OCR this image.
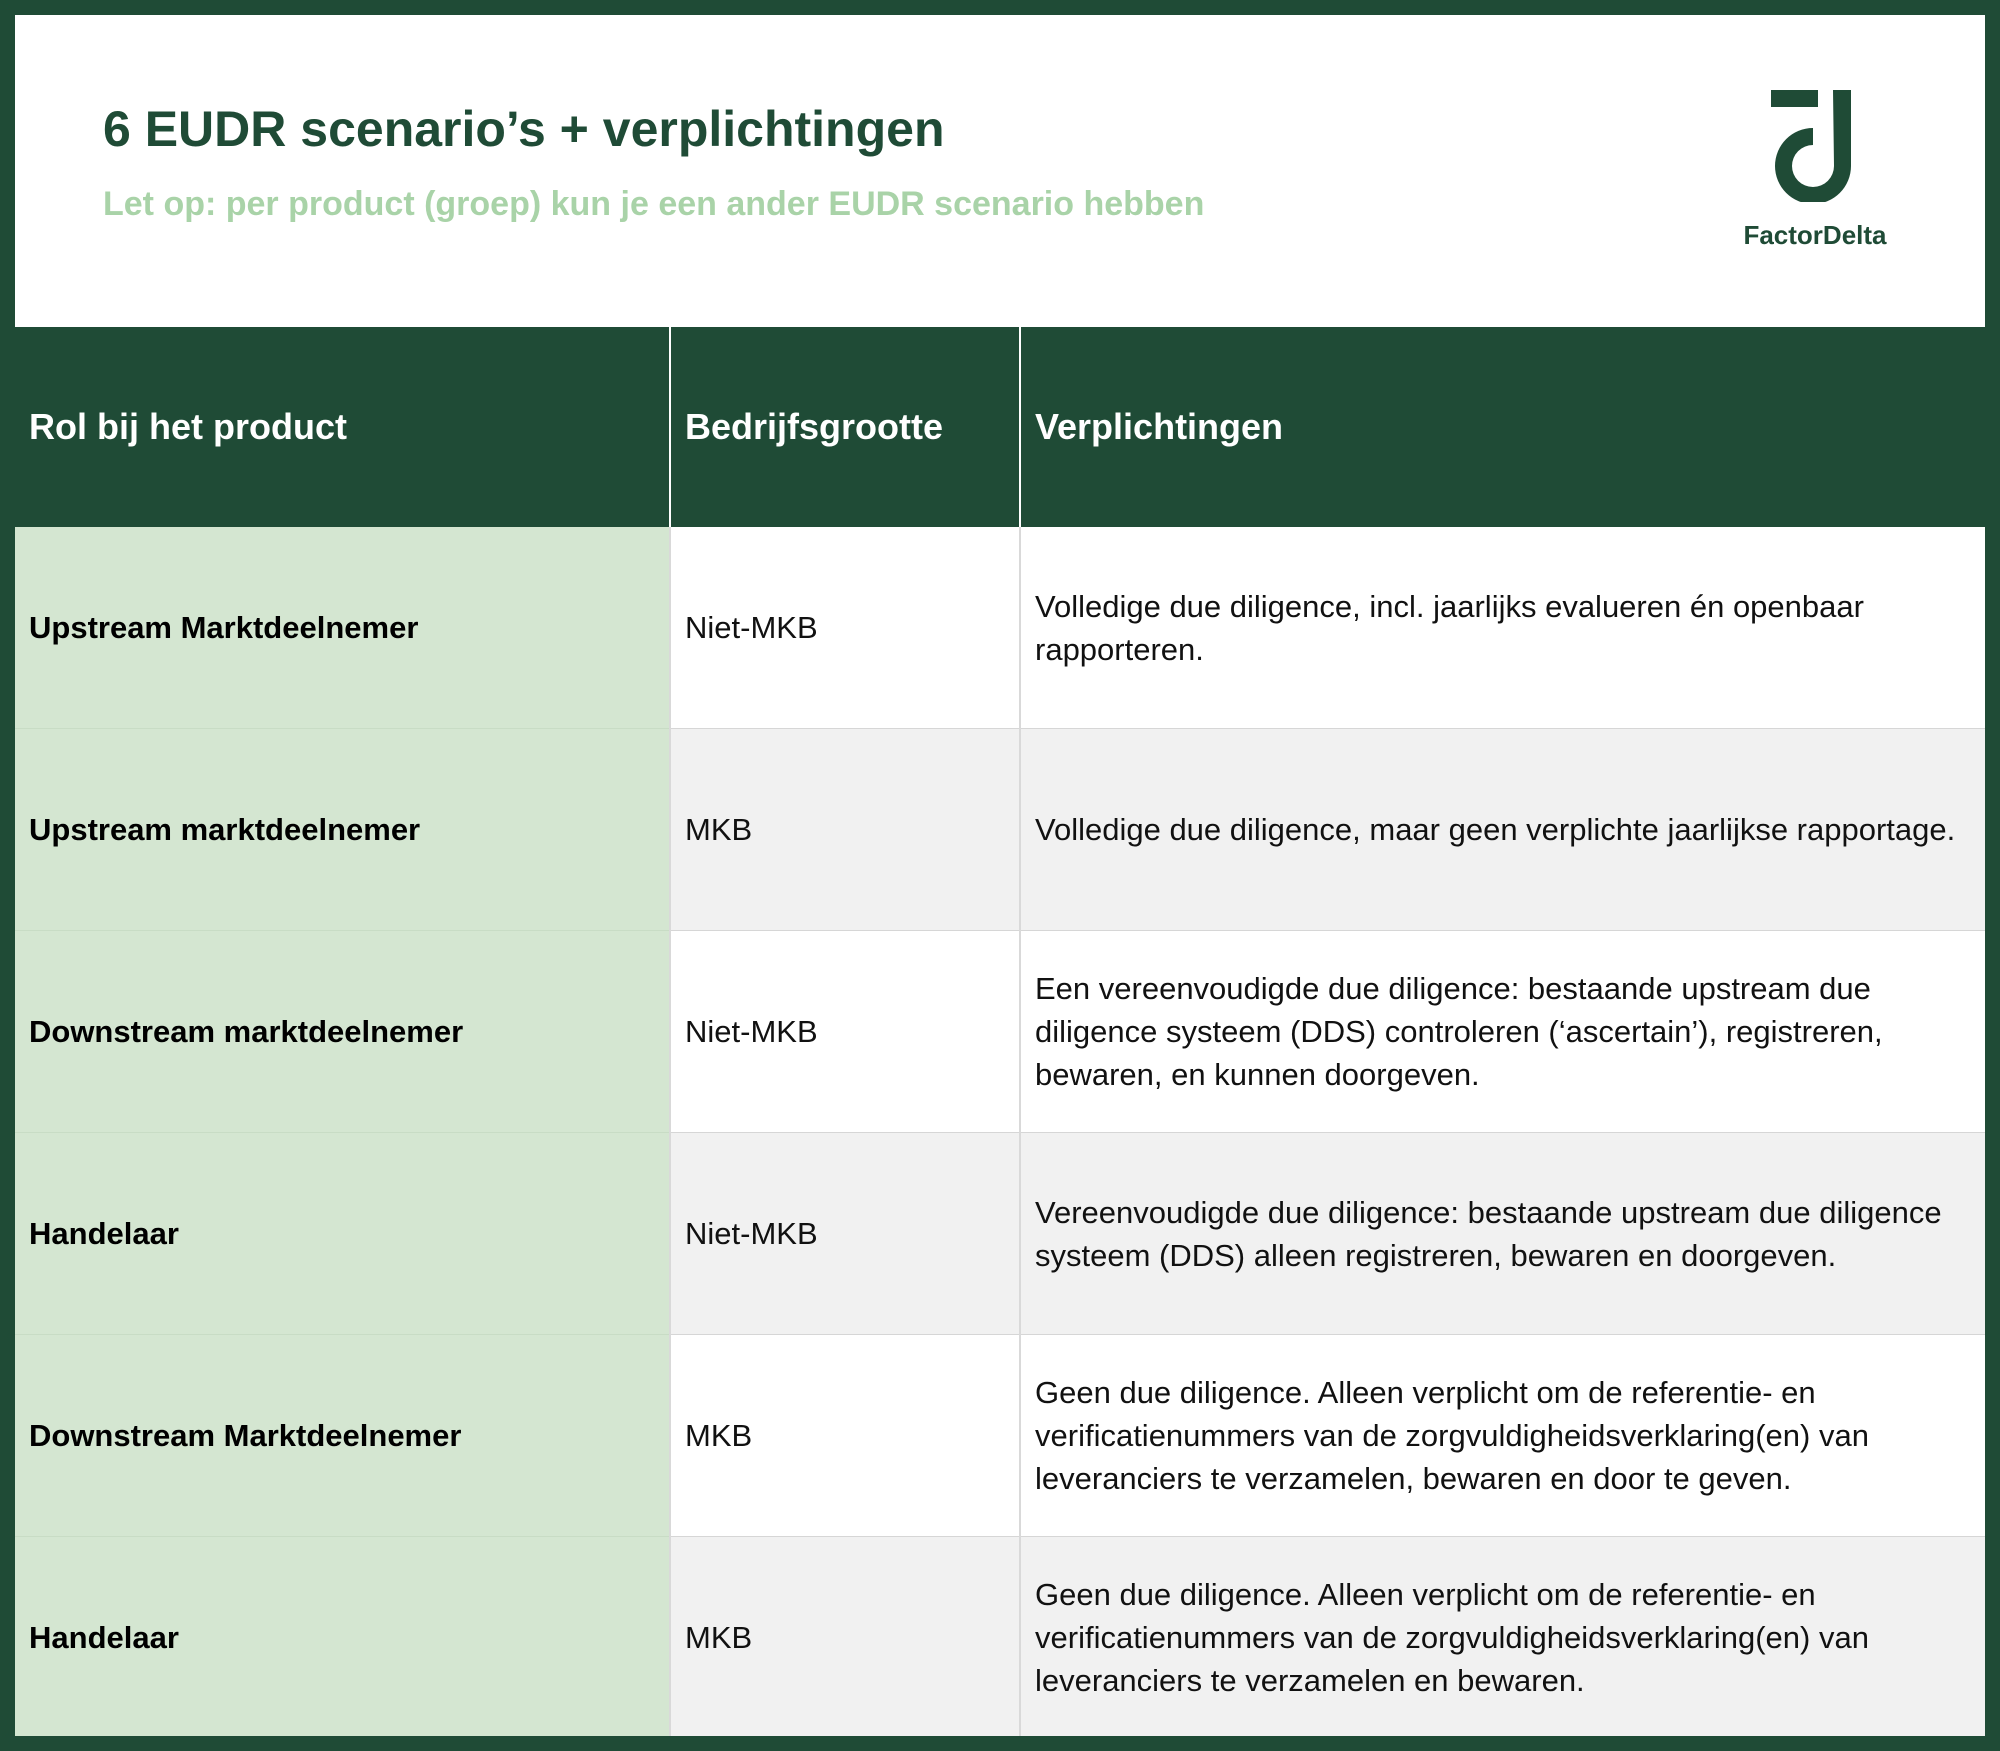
6 EUDR scenario’s + verplichtingen
Let op: per product (groep) kun je een ander EUDR scenario hebben
FactorDelta
Rol bij het product	Bedrijfsgrootte	Verplichtingen
Upstream Marktdeelnemer	Niet-MKB	Volledige due diligence, incl. jaarlijks evalueren én openbaar rapporteren.
Upstream marktdeelnemer	MKB	Volledige due diligence, maar geen verplichte jaarlijkse rapportage.
Downstream marktdeelnemer	Niet-MKB	Een vereenvoudigde due diligence: bestaande upstream due diligence systeem (DDS) controleren (‘ascertain’), registreren, bewaren, en kunnen doorgeven.
Handelaar	Niet-MKB	Vereenvoudigde due diligence: bestaande upstream due diligence systeem (DDS) alleen registreren, bewaren en doorgeven.
Downstream Marktdeelnemer	MKB	Geen due diligence. Alleen verplicht om de referentie- en verificatienummers van de zorgvuldigheidsverklaring(en) van leveranciers te verzamelen, bewaren en door te geven.
Handelaar	MKB	Geen due diligence. Alleen verplicht om de referentie- en verificatienummers van de zorgvuldigheidsverklaring(en) van leveranciers te verzamelen en bewaren.
